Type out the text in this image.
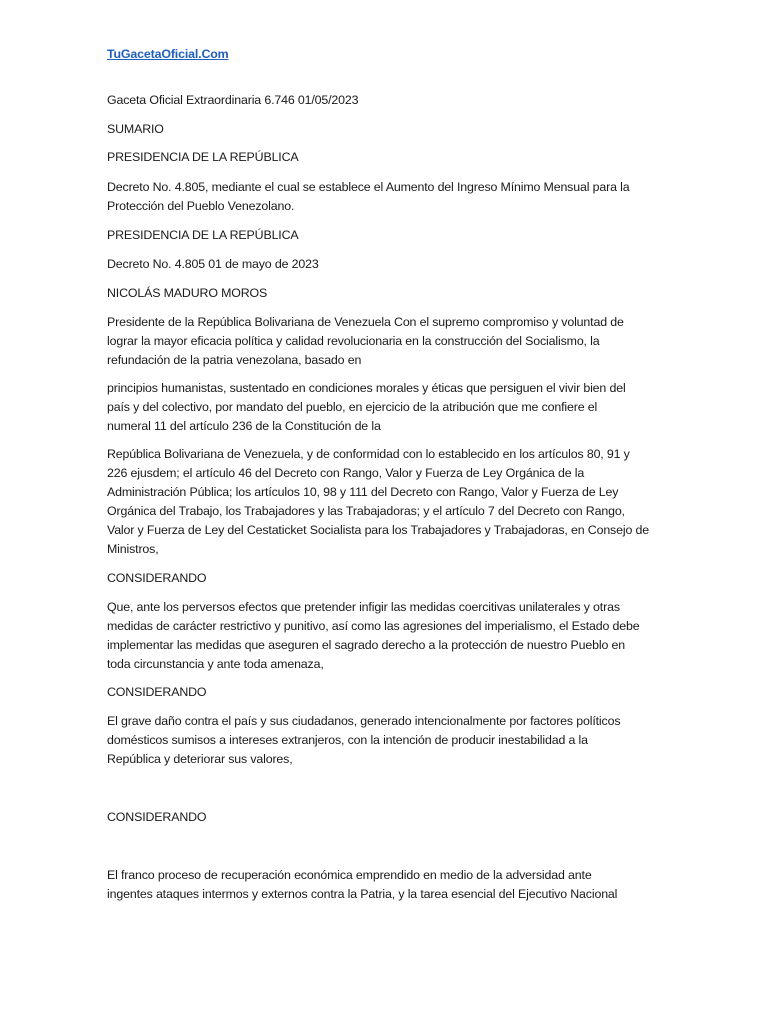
TuGacetaOficial.Com

Gaceta Oficial Extraordinaria 6.746 01/05/2023

SUMARIO

PRESIDENCIA DE LA REPÚBLICA

Decreto No. 4.805, mediante el cual se establece el Aumento del Ingreso Mínimo Mensual para la

Protección del Pueblo Venezolano.

PRESIDENCIA DE LA REPÚBLICA

Decreto No. 4.805 01 de mayo de 2023

NICOLÁS MADURO MOROS

Presidente de la República Bolivariana de Venezuela Con el supremo compromiso y voluntad de

lograr la mayor eficacia política y calidad revolucionaria en la construcción del Socialismo, la

refundación de la patria venezolana, basado en

principios humanistas, sustentado en condiciones morales y éticas que persiguen el vivir bien del

país y del colectivo, por mandato del pueblo, en ejercicio de la atribución que me confiere el

numeral 11 del artículo 236 de la Constitución de la

República Bolivariana de Venezuela, y de conformidad con lo establecido en los artículos 80, 91 y

226 ejusdem; el artículo 46 del Decreto con Rango, Valor y Fuerza de Ley Orgánica de la

Administración Pública; los artículos 10, 98 y 111 del Decreto con Rango, Valor y Fuerza de Ley

Orgánica del Trabajo, los Trabajadores y las Trabajadoras; y el artículo 7 del Decreto con Rango,

Valor y Fuerza de Ley del Cestaticket Socialista para los Trabajadores y Trabajadoras, en Consejo de

Ministros,

CONSIDERANDO

Que, ante los perversos efectos que pretender infigir las medidas coercitivas unilaterales y otras

medidas de carácter restrictivo y punitivo, así como las agresiones del imperialismo, el Estado debe

implementar las medidas que aseguren el sagrado derecho a la protección de nuestro Pueblo en

toda circunstancia y ante toda amenaza,

CONSIDERANDO

El grave daño contra el país y sus ciudadanos, generado intencionalmente por factores políticos

domésticos sumisos a intereses extranjeros, con la intención de producir inestabilidad a la

República y deteriorar sus valores,

CONSIDERANDO

El franco proceso de recuperación económica emprendido en medio de la adversidad ante

ingentes ataques intermos y externos contra la Patria, y la tarea esencial del Ejecutivo Nacional
